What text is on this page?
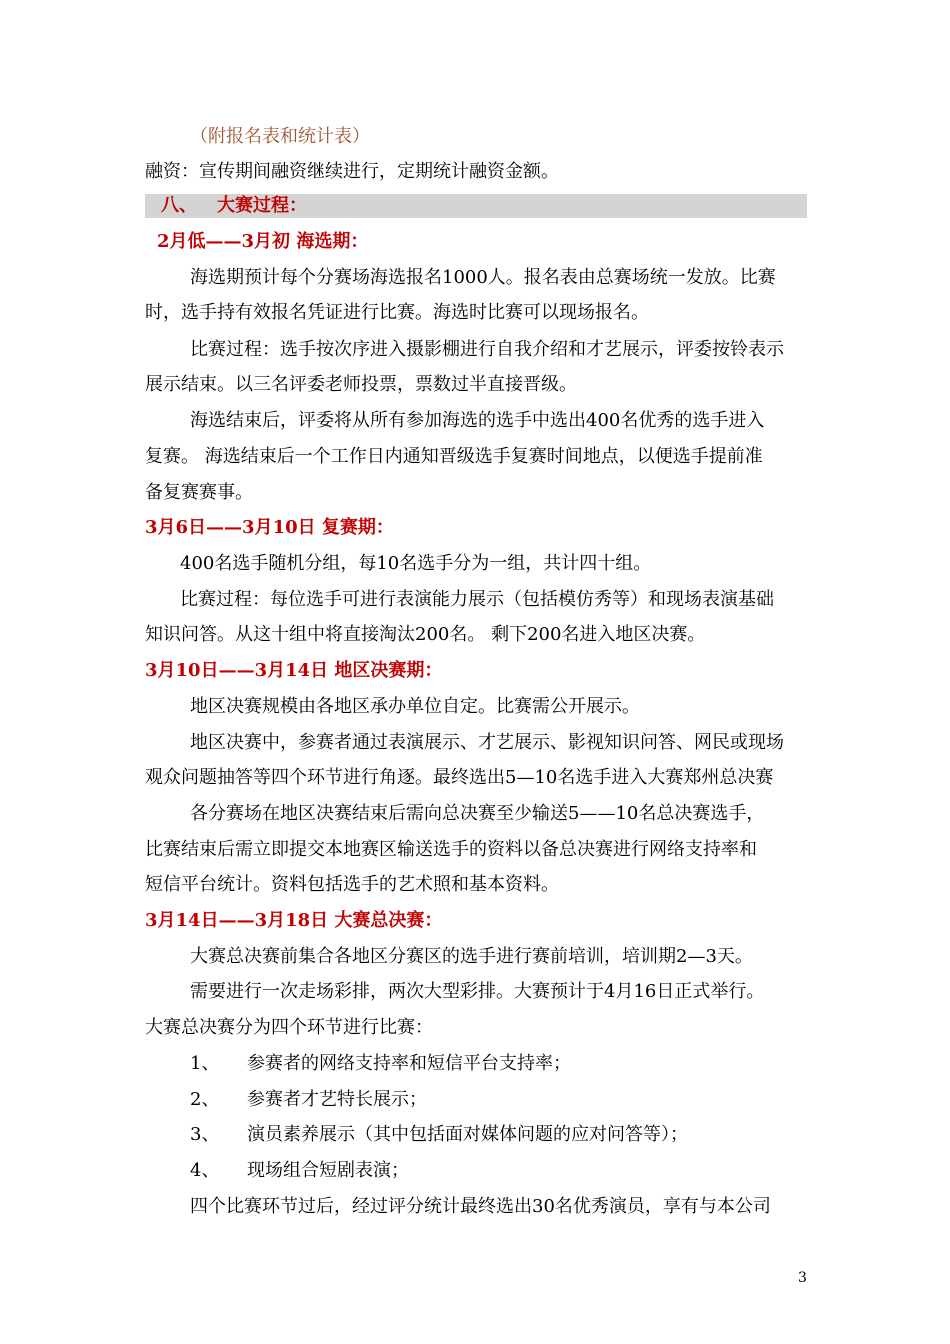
（附报名表和统计表）
融资：宣传期间融资继续进行，定期统计融资金额。
八、 大赛过程：
2月低——3月初 海选期：
海选期预计每个分赛场海选报名1000人。报名表由总赛场统一发放。比赛
时，选手持有效报名凭证进行比赛。海选时比赛可以现场报名。
比赛过程：选手按次序进入摄影棚进行自我介绍和才艺展示，评委按铃表示
展示结束。以三名评委老师投票，票数过半直接晋级。
海选结束后，评委将从所有参加海选的选手中选出400名优秀的选手进入
复赛。 海选结束后一个工作日内通知晋级选手复赛时间地点，以便选手提前准
备复赛赛事。
3月6日——3月10日 复赛期：
400名选手随机分组，每10名选手分为一组，共计四十组。
比赛过程：每位选手可进行表演能力展示（包括模仿秀等）和现场表演基础
知识问答。从这十组中将直接淘汰200名。 剩下200名进入地区决赛。
3月10日——3月14日 地区决赛期：
地区决赛规模由各地区承办单位自定。比赛需公开展示。
地区决赛中，参赛者通过表演展示、才艺展示、影视知识问答、网民或现场
观众问题抽答等四个环节进行角逐。最终选出5—10名选手进入大赛郑州总决赛
各分赛场在地区决赛结束后需向总决赛至少输送5——10名总决赛选手，
比赛结束后需立即提交本地赛区输送选手的资料以备总决赛进行网络支持率和
短信平台统计。资料包括选手的艺术照和基本资料。
3月14日——3月18日 大赛总决赛：
大赛总决赛前集合各地区分赛区的选手进行赛前培训，培训期2—3天。
需要进行一次走场彩排，两次大型彩排。大赛预计于4月16日正式举行。
大赛总决赛分为四个环节进行比赛：
1、 参赛者的网络支持率和短信平台支持率；
2、 参赛者才艺特长展示；
3、 演员素养展示（其中包括面对媒体问题的应对问答等）；
4、 现场组合短剧表演；
四个比赛环节过后，经过评分统计最终选出30名优秀演员，享有与本公司
3
